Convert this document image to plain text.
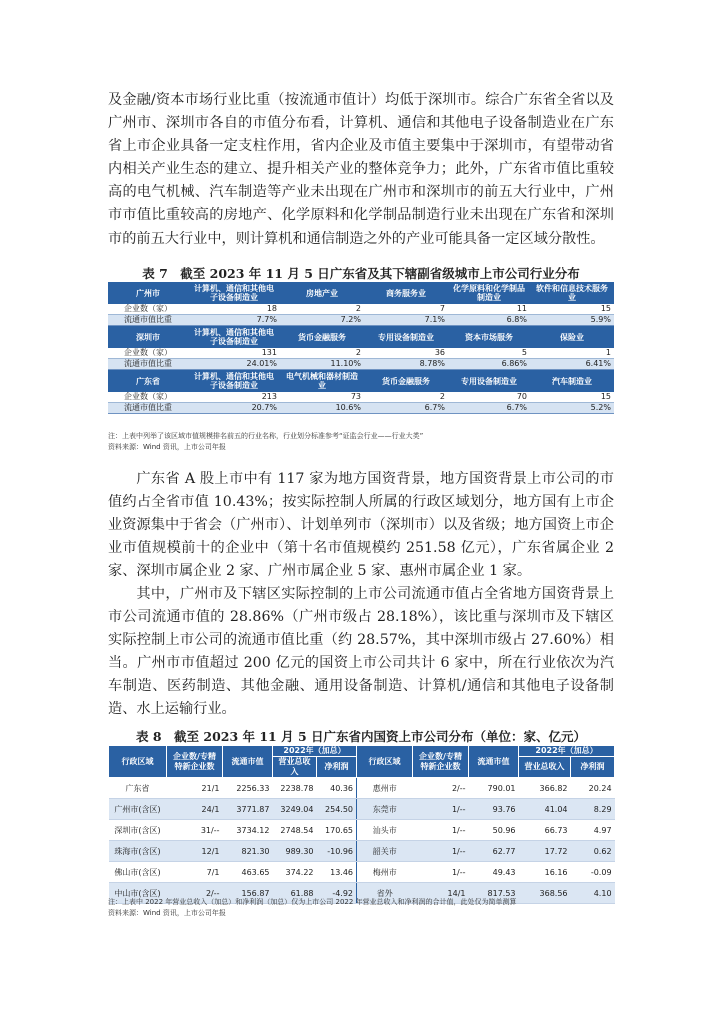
及金融/资本市场行业比重（按流通市值计）均低于深圳市。综合广东省全省以及广州市、深圳市各自的市值分布看，计算机、通信和其他电子设备制造业在广东省上市企业具备一定支柱作用，省内企业及市值主要集中于深圳市，有望带动省内相关产业生态的建立、提升相关产业的整体竞争力；此外，广东省市值比重较高的电气机械、汽车制造等产业未出现在广州市和深圳市的前五大行业中，广州市市值比重较高的房地产、化学原料和化学制品制造行业未出现在广东省和深圳市的前五大行业中，则计算机和通信制造之外的产业可能具备一定区域分散性。

表 7　截至 2023 年 11 月 5 日广东省及其下辖副省级城市上市公司行业分布

广州市	计算机、通信和其他电子设备制造业	房地产业	商务服务业	化学原料和化学制品制造业	软件和信息技术服务业
企业数（家）	18	2	7	11	15
流通市值比重	7.7%	7.2%	7.1%	6.8%	5.9%
深圳市	计算机、通信和其他电子设备制造业	货币金融服务	专用设备制造业	资本市场服务	保险业
企业数（家）	131	2	36	5	1
流通市值比重	24.01%	11.10%	8.78%	6.86%	6.41%
广东省	计算机、通信和其他电子设备制造业	电气机械和器材制造业	货币金融服务	专用设备制造业	汽车制造业
企业数（家）	213	73	2	70	15
流通市值比重	20.7%	10.6%	6.7%	6.7%	5.2%

注：上表中列举了该区域市值规模排名前五的行业名称，行业划分标准参考“证监会行业——行业大类”

资料来源：Wind 资讯，上市公司年报

广东省 A 股上市中有 117 家为地方国资背景，地方国资背景上市公司的市值约占全省市值 10.43%；按实际控制人所属的行政区域划分，地方国有上市企业资源集中于省会（广州市）、计划单列市（深圳市）以及省级；地方国资上市企业市值规模前十的企业中（第十名市值规模约 251.58 亿元），广东省属企业 2 家、深圳市属企业 2 家、广州市属企业 5 家、惠州市属企业 1 家。

其中，广州市及下辖区实际控制的上市公司流通市值占全省地方国资背景上市公司流通市值的 28.86%（广州市级占 28.18%），该比重与深圳市及下辖区实际控制上市公司的流通市值比重（约 28.57%，其中深圳市级占 27.60%）相当。广州市市值超过 200 亿元的国资上市公司共计 6 家中，所在行业依次为汽车制造、医药制造、其他金融、通用设备制造、计算机/通信和其他电子设备制造、水上运输行业。

表 8　截至 2023 年 11 月 5 日广东省内国资上市公司分布（单位：家、亿元）

行政区域	企业数/专精特新企业数	流通市值	2022年（加总）		行政区域	企业数/专精特新企业数	流通市值	2022年（加总）	
			营业总收入	净利润				营业总收入	净利润
广东省	21/1	2256.33	2238.78	40.36	惠州市	2/--	790.01	366.82	20.24
广州市(含区)	24/1	3771.87	3249.04	254.50	东莞市	1/--	93.76	41.04	8.29
深圳市(含区)	31/--	3734.12	2748.54	170.65	汕头市	1/--	50.96	66.73	4.97
珠海市(含区)	12/1	821.30	989.30	-10.96	韶关市	1/--	62.77	17.72	0.62
佛山市(含区)	7/1	463.65	374.22	13.46	梅州市	1/--	49.43	16.16	-0.09
中山市(含区)	2/--	156.87	61.88	-4.92	省外	14/1	817.53	368.56	4.10

注：上表中 2022 年营业总收入（加总）和净利润（加总）仅为上市公司 2022 年营业总收入和净利润的合计值，此处仅为简单测算

资料来源：Wind 资讯，上市公司年报
